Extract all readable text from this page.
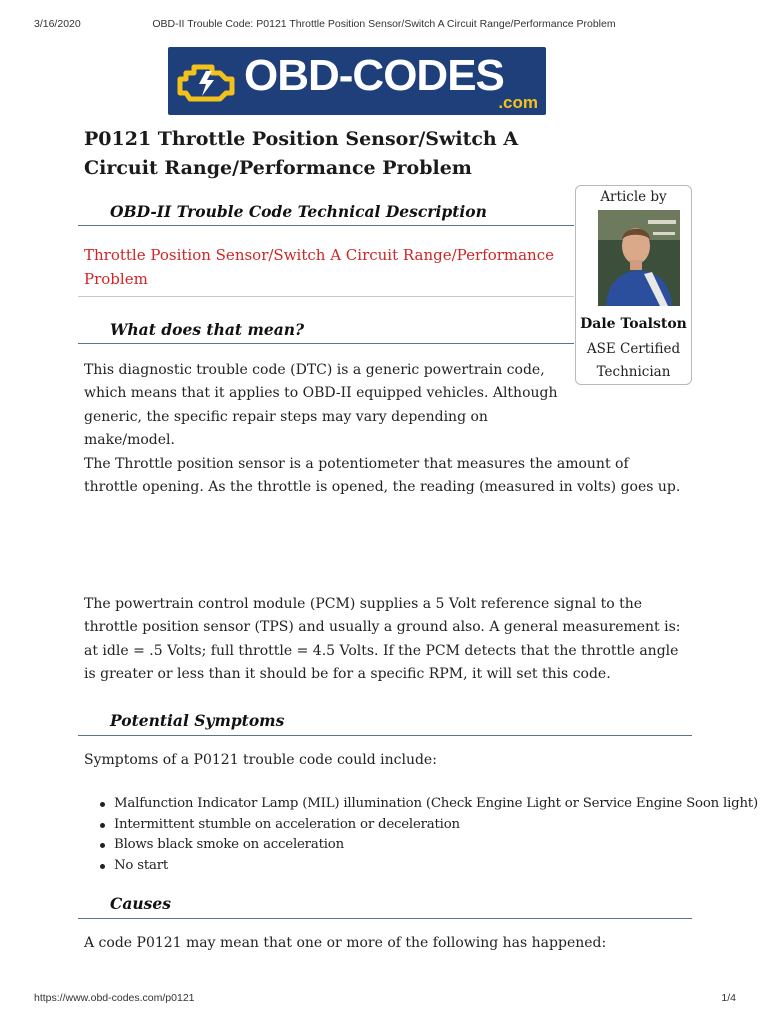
3/16/2020	OBD-II Trouble Code: P0121 Throttle Position Sensor/Switch A Circuit Range/Performance Problem
OBD-CODES
.com
P0121 Throttle Position Sensor/Switch A Circuit Range/Performance Problem
Article by
Dale Toalston
ASE Certified
Technician
OBD-II Trouble Code Technical Description
Throttle Position Sensor/Switch A Circuit Range/Performance Problem
What does that mean?
This diagnostic trouble code (DTC) is a generic powertrain code, which means that it applies to OBD-II equipped vehicles. Although generic, the specific repair steps may vary depending on make/model.
The Throttle position sensor is a potentiometer that measures the amount of throttle opening. As the throttle is opened, the reading (measured in volts) goes up.
The powertrain control module (PCM) supplies a 5 Volt reference signal to the throttle position sensor (TPS) and usually a ground also. A general measurement is: at idle = .5 Volts; full throttle = 4.5 Volts. If the PCM detects that the throttle angle is greater or less than it should be for a specific RPM, it will set this code.
Potential Symptoms
Symptoms of a P0121 trouble code could include:
Malfunction Indicator Lamp (MIL) illumination (Check Engine Light or Service Engine Soon light)
Intermittent stumble on acceleration or deceleration
Blows black smoke on acceleration
No start
Causes
A code P0121 may mean that one or more of the following has happened:
https://www.obd-codes.com/p0121	1/4
